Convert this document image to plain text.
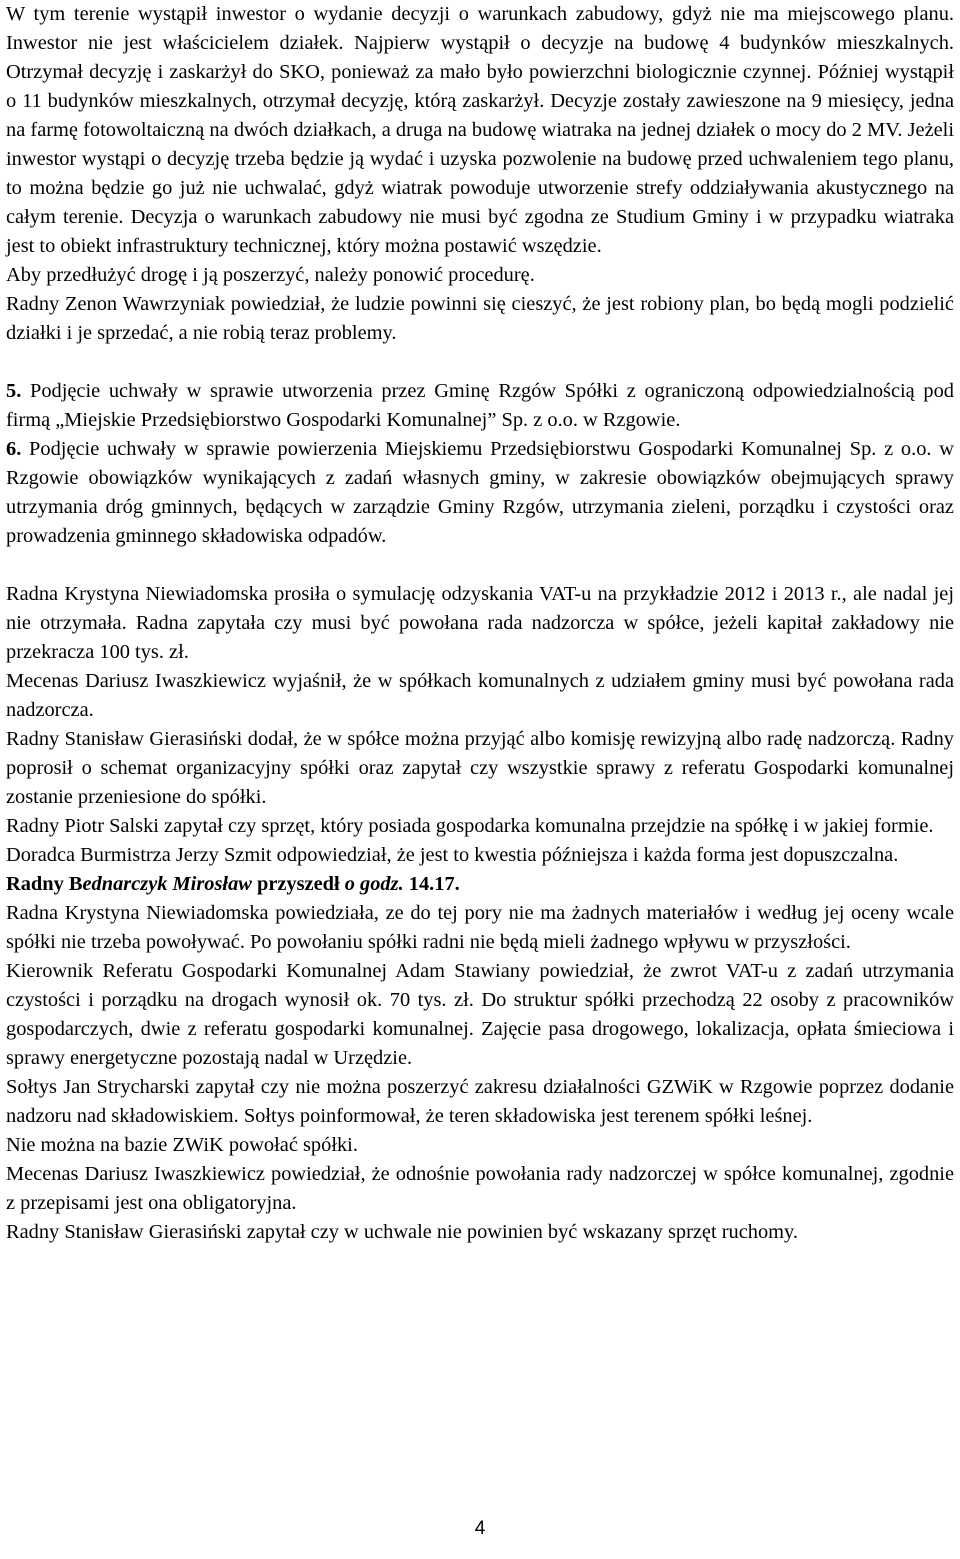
W tym terenie wystąpił inwestor o wydanie decyzji o warunkach zabudowy, gdyż nie ma miejscowego planu. Inwestor nie jest właścicielem działek. Najpierw wystąpił o decyzje na budowę 4 budynków mieszkalnych. Otrzymał decyzję i zaskarżył do SKO, ponieważ za mało było powierzchni biologicznie czynnej. Później wystąpił o 11 budynków mieszkalnych, otrzymał decyzję, którą zaskarżył. Decyzje zostały zawieszone na 9 miesięcy, jedna na farmę fotowoltaiczną na dwóch działkach, a druga na budowę wiatraka na jednej działek o mocy do 2 MV. Jeżeli inwestor wystąpi o decyzję trzeba będzie ją wydać i uzyska pozwolenie na budowę przed uchwaleniem tego planu, to można będzie go już nie uchwalać, gdyż wiatrak powoduje utworzenie strefy oddziaływania akustycznego na całym terenie. Decyzja o warunkach zabudowy nie musi być zgodna ze Studium Gminy i w przypadku wiatraka jest to obiekt infrastruktury technicznej, który można postawić wszędzie.

Aby przedłużyć drogę i ją poszerzyć, należy ponowić procedurę.

Radny Zenon Wawrzyniak powiedział, że ludzie powinni się cieszyć, że jest robiony plan, bo będą mogli podzielić działki i je sprzedać, a nie robią teraz problemy.

5. Podjęcie uchwały w sprawie utworzenia przez Gminę Rzgów Spółki z ograniczoną odpowiedzialnością pod firmą „Miejskie Przedsiębiorstwo Gospodarki Komunalnej” Sp. z o.o. w Rzgowie.

6. Podjęcie uchwały w sprawie powierzenia Miejskiemu Przedsiębiorstwu Gospodarki Komunalnej Sp. z o.o. w Rzgowie obowiązków wynikających z zadań własnych gminy, w zakresie obowiązków obejmujących sprawy utrzymania dróg gminnych, będących w zarządzie Gminy Rzgów, utrzymania zieleni, porządku i czystości oraz prowadzenia gminnego składowiska odpadów.

Radna Krystyna Niewiadomska prosiła o symulację odzyskania VAT-u na przykładzie 2012 i 2013 r., ale nadal jej nie otrzymała. Radna zapytała czy musi być powołana rada nadzorcza w spółce, jeżeli kapitał zakładowy nie przekracza 100 tys. zł.

Mecenas Dariusz Iwaszkiewicz wyjaśnił, że w spółkach komunalnych z udziałem gminy musi być powołana rada nadzorcza.

Radny Stanisław Gierasiński dodał, że w spółce można przyjąć albo komisję rewizyjną albo radę nadzorczą. Radny poprosił o schemat organizacyjny spółki oraz zapytał czy wszystkie sprawy z referatu Gospodarki komunalnej zostanie przeniesione do spółki.

Radny Piotr Salski zapytał czy sprzęt, który posiada gospodarka komunalna przejdzie na spółkę i w jakiej formie.

Doradca Burmistrza Jerzy Szmit odpowiedział, że jest to kwestia późniejsza i każda forma jest dopuszczalna.

Radny Bednarczyk Mirosław przyszedł o godz. 14.17.

Radna Krystyna Niewiadomska powiedziała, ze do tej pory nie ma żadnych materiałów i według jej oceny wcale spółki nie trzeba powoływać. Po powołaniu spółki radni nie będą mieli żadnego wpływu w przyszłości.

Kierownik Referatu Gospodarki Komunalnej Adam Stawiany powiedział, że zwrot VAT-u z zadań utrzymania czystości i porządku na drogach wynosił ok. 70 tys. zł. Do struktur spółki przechodzą 22 osoby z pracowników gospodarczych, dwie z referatu gospodarki komunalnej. Zajęcie pasa drogowego, lokalizacja, opłata śmieciowa i sprawy energetyczne pozostają nadal w Urzędzie.

Sołtys Jan Strycharski zapytał czy nie można poszerzyć zakresu działalności GZWiK w Rzgowie poprzez dodanie nadzoru nad składowiskiem. Sołtys poinformował, że teren składowiska jest terenem spółki leśnej.

Nie można na bazie ZWiK powołać spółki.

Mecenas Dariusz Iwaszkiewicz powiedział, że odnośnie powołania rady nadzorczej w spółce komunalnej, zgodnie z przepisami jest ona obligatoryjna.

Radny Stanisław Gierasiński zapytał czy w uchwale nie powinien być wskazany sprzęt ruchomy.

4
